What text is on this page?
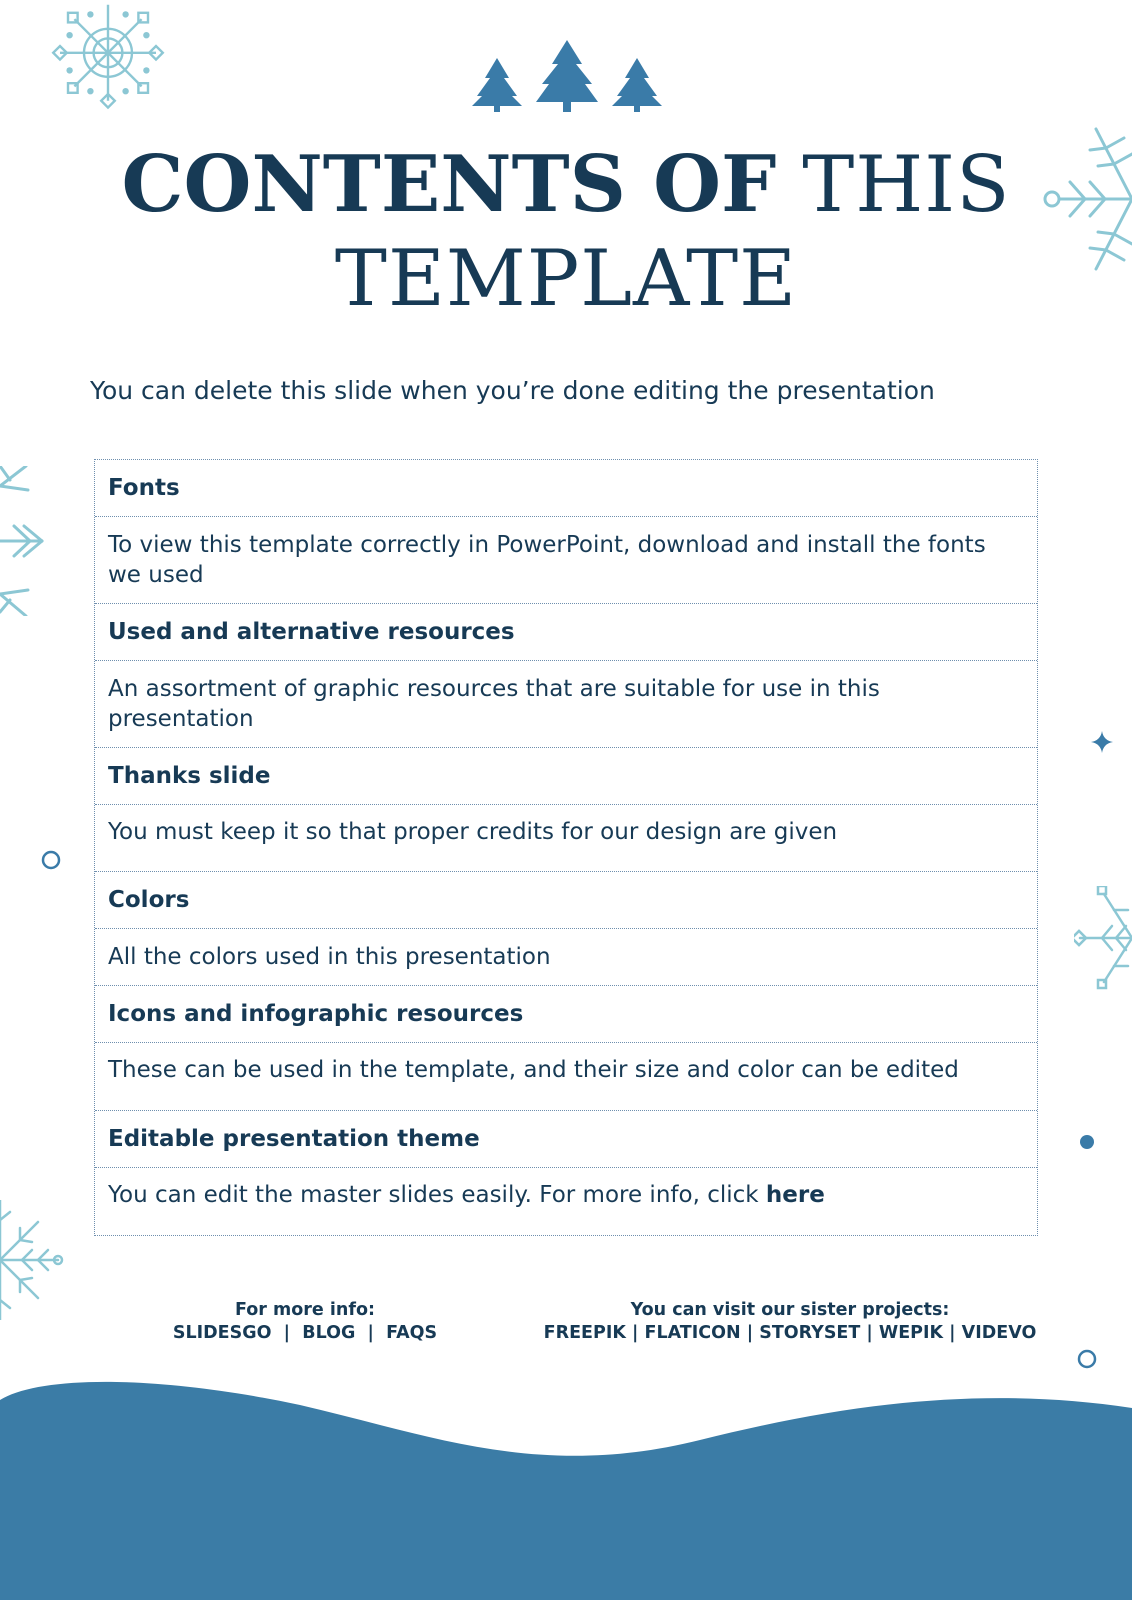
CONTENTS OF THIS
TEMPLATE
You can delete this slide when you’re done editing the presentation
Fonts
To view this template correctly in PowerPoint, download and install the fonts we used
Used and alternative resources
An assortment of graphic resources that are suitable for use in this presentation
Thanks slide
You must keep it so that proper credits for our design are given
Colors
All the colors used in this presentation
Icons and infographic resources
These can be used in the template, and their size and color can be edited
Editable presentation theme
You can edit the master slides easily. For more info, click here
For more info:
SLIDESGO | BLOG | FAQS
You can visit our sister projects:
FREEPIK | FLATICON | STORYSET | WEPIK | VIDEVO
